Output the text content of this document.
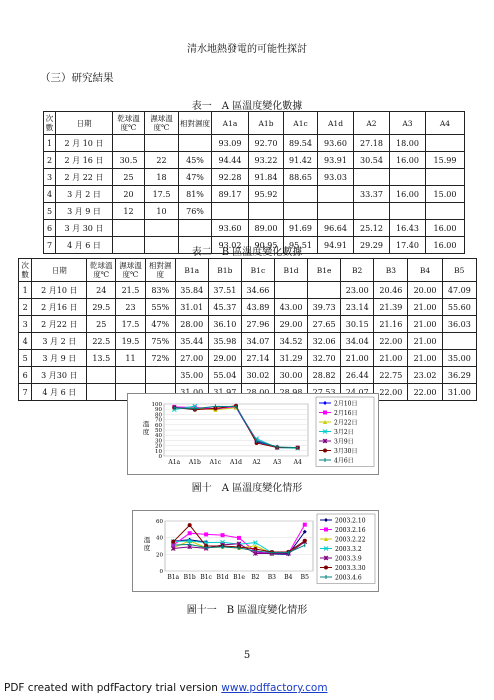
清水地熱發電的可能性探討
（三）研究結果
表一　A 區溫度變化數據
次數	日期	乾球溫度℃	濕球溫度℃	相對濕度	A1a	A1b	A1c	A1d	A2	A3	A4
1	2 月 10 日				93.09	92.70	89.54	93.60	27.18	18.00	
2	2 月 16 日	30.5	22	45%	94.44	93.22	91.42	93.91	30.54	16.00	15.99
3	2 月 22 日	25	18	47%	92.28	91.84	88.65	93.03			
4	3 月 2 日	20	17.5	81%	89.17	95.92			33.37	16.00	15.00
5	3 月 9 日	12	10	76%							
6	3 月 30 日				93.60	89.00	91.69	96.64	25.12	16.43	16.00
7	4 月 6 日				93.02	90.95	95.51	94.91	29.29	17.40	16.00
表二　B 區溫度變化數據
次數	日期	乾球溫度℃	濕球溫度℃	相對濕度	B1a	B1b	B1c	B1d	B1e	B2	B3	B4	B5
1	2 月10 日	24	21.5	83%	35.84	37.51	34.66			23.00	20.46	20.00	47.09
2	2 月16 日	29.5	23	55%	31.01	45.37	43.89	43.00	39.73	23.14	21.39	21.00	55.60
3	2 月22 日	25	17.5	47%	28.00	36.10	27.96	29.00	27.65	30.15	21.16	21.00	36.03
4	3 月 2 日	22.5	19.5	75%	35.44	35.98	34.07	34.52	32.06	34.04	22.00	21.00	
5	3 月 9 日	13.5	11	72%	27.00	29.00	27.14	31.29	32.70	21.00	21.00	21.00	35.00
6	3 月30 日				35.00	55.04	30.02	30.00	28.82	26.44	22.75	23.02	36.29
7	4 月 6 日				31.00	31.97	28.00	28.98	27.53	24.07	22.00	22.00	31.00
0
10
20
30
40
50
60
70
80
90
100
A1a A1b A1c A1d A2 A3 A4
溫
度
2月10日
2月16日
2月22日
3月2日
3月9日
3月30日
4月6日
圖十　A 區溫度變化情形
0
20
40
60
B1a B1b B1c B1d B1e B2 B3 B4 B5
溫
度
2003.2.10
2003.2.16
2003.2.22
2003.3.2
2003.3.9
2003.3.30
2003.4.6
圖十一　B 區溫度變化情形
5
PDF created with pdfFactory trial version www.pdffactory.com
